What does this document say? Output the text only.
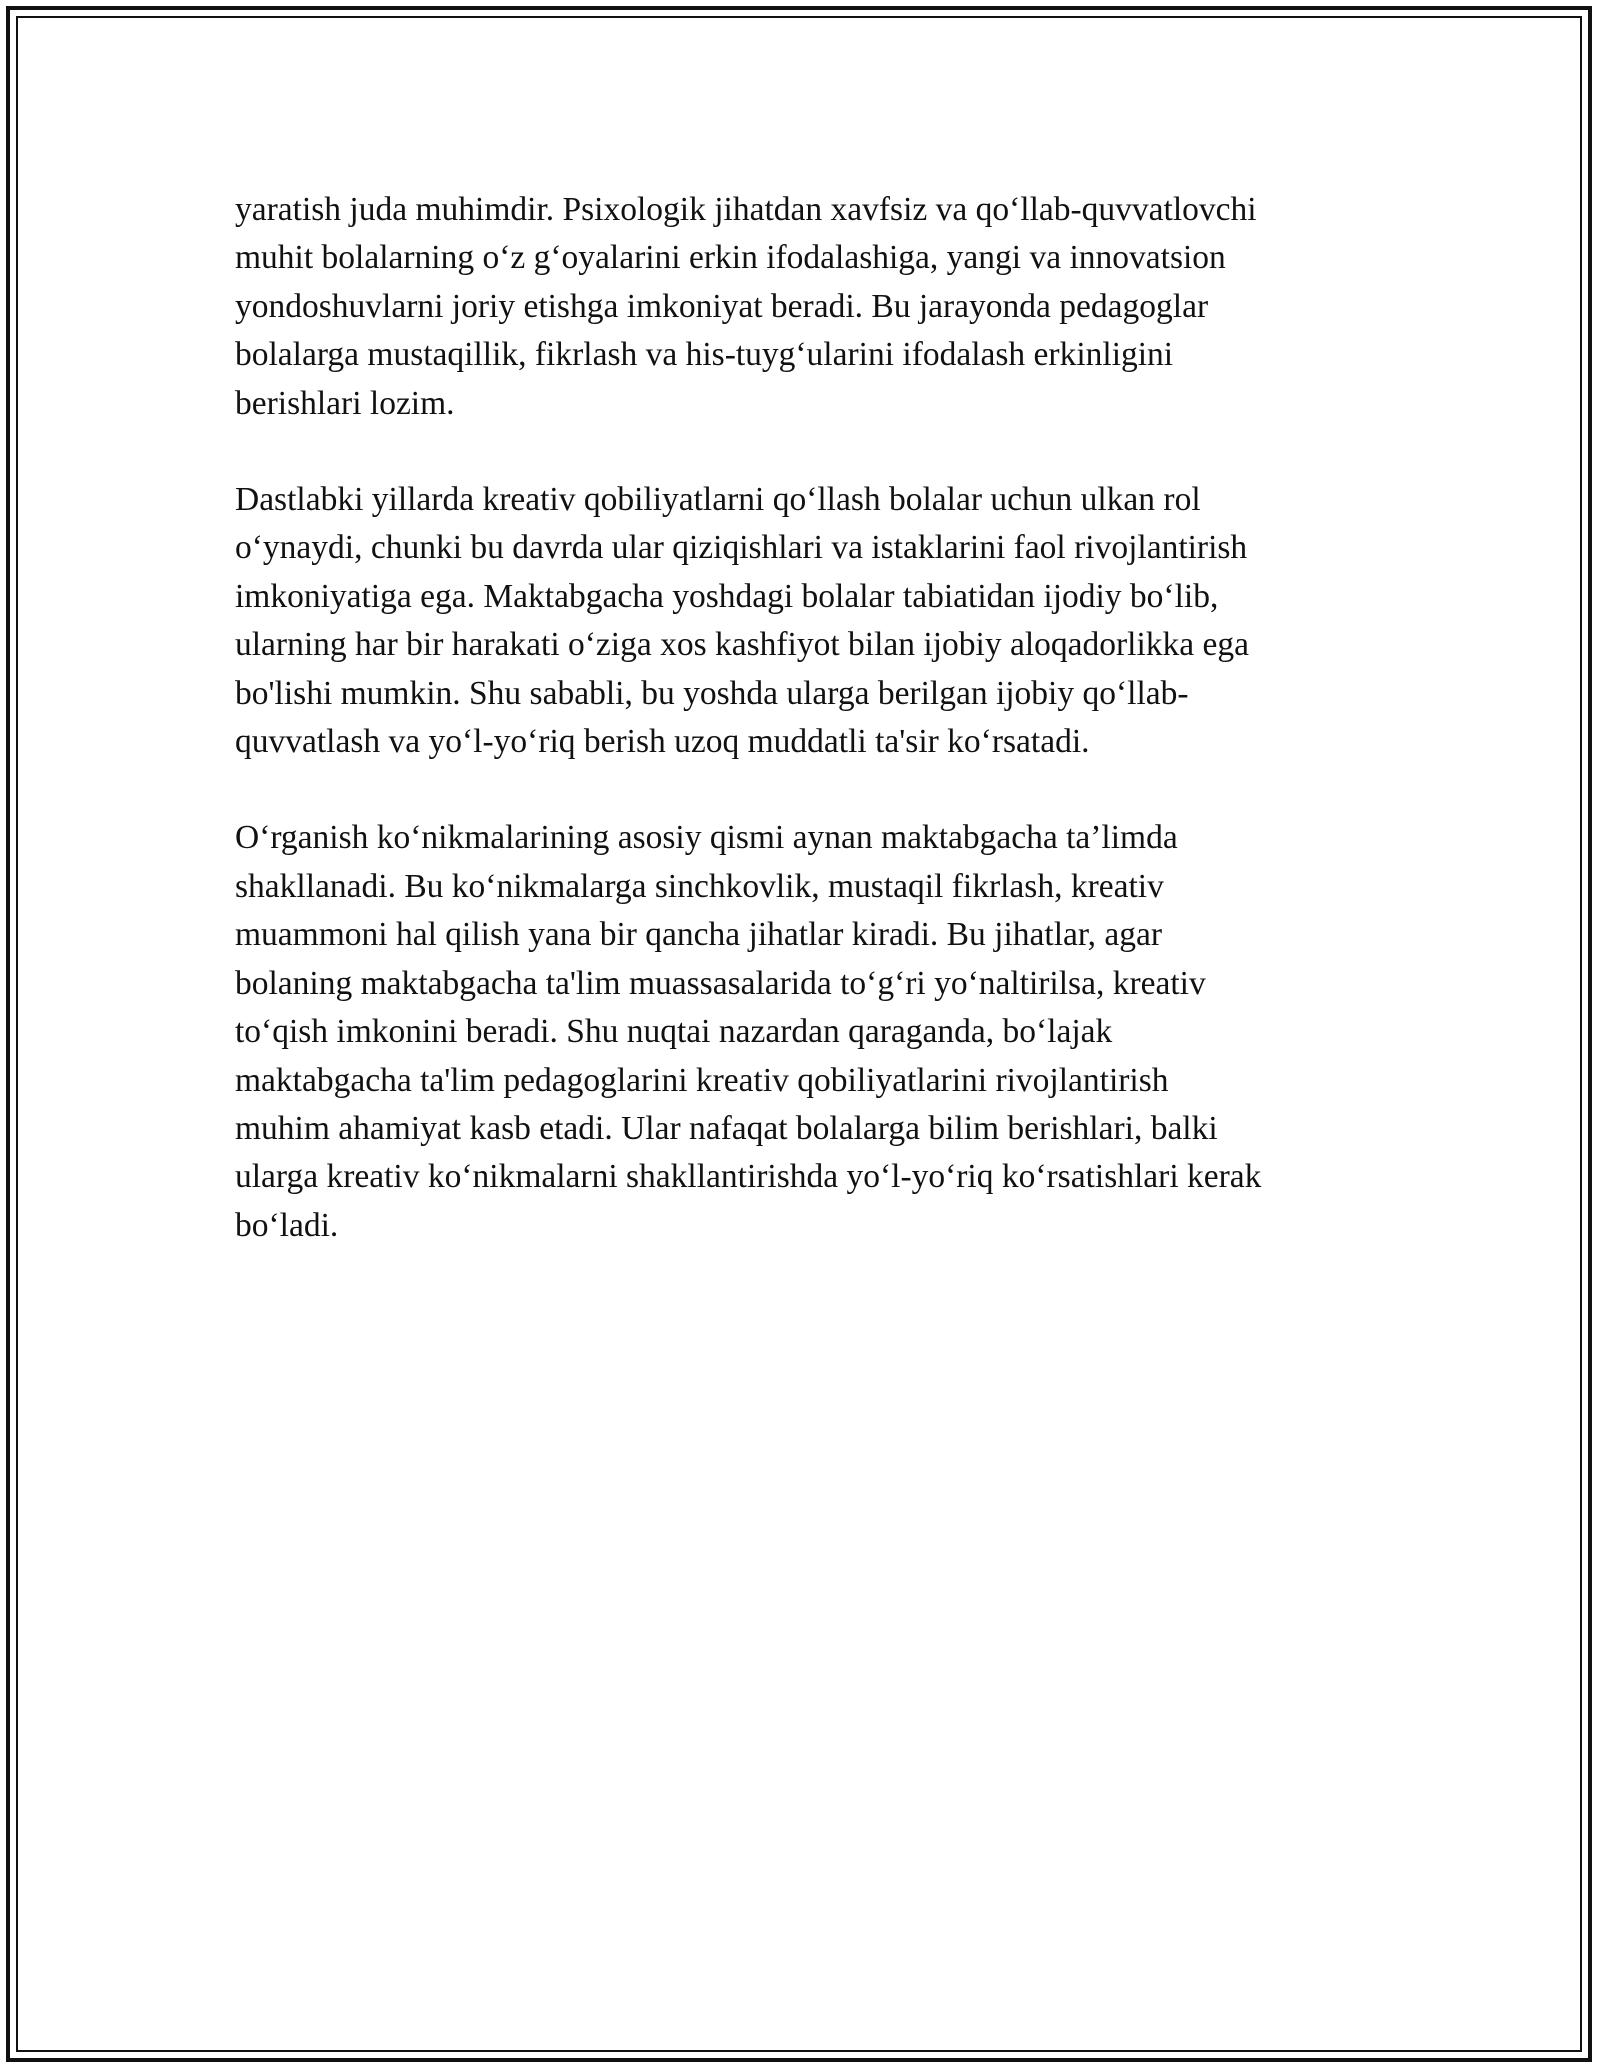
yaratish juda muhimdir. Psixologik jihatdan xavfsiz va qo‘llab-quvvatlovchi
muhit bolalarning o‘z g‘oyalarini erkin ifodalashiga, yangi va innovatsion
yondoshuvlarni joriy etishga imkoniyat beradi. Bu jarayonda pedagoglar
bolalarga mustaqillik, fikrlash va his-tuyg‘ularini ifodalash erkinligini
berishlari lozim.

Dastlabki yillarda kreativ qobiliyatlarni qo‘llash bolalar uchun ulkan rol
o‘ynaydi, chunki bu davrda ular qiziqishlari va istaklarini faol rivojlantirish
imkoniyatiga ega. Maktabgacha yoshdagi bolalar tabiatidan ijodiy bo‘lib,
ularning har bir harakati o‘ziga xos kashfiyot bilan ijobiy aloqadorlikka ega
bo'lishi mumkin. Shu sababli, bu yoshda ularga berilgan ijobiy qo‘llab-
quvvatlash va yo‘l-yo‘riq berish uzoq muddatli ta'sir ko‘rsatadi.

O‘rganish ko‘nikmalarining asosiy qismi aynan maktabgacha ta’limda
shakllanadi. Bu ko‘nikmalarga sinchkovlik, mustaqil fikrlash, kreativ
muammoni hal qilish yana bir qancha jihatlar kiradi. Bu jihatlar, agar
bolaning maktabgacha ta'lim muassasalarida to‘g‘ri yo‘naltirilsa, kreativ
to‘qish imkonini beradi. Shu nuqtai nazardan qaraganda, bo‘lajak
maktabgacha ta'lim pedagoglarini kreativ qobiliyatlarini rivojlantirish
muhim ahamiyat kasb etadi. Ular nafaqat bolalarga bilim berishlari, balki
ularga kreativ ko‘nikmalarni shakllantirishda yo‘l-yo‘riq ko‘rsatishlari kerak
bo‘ladi.
